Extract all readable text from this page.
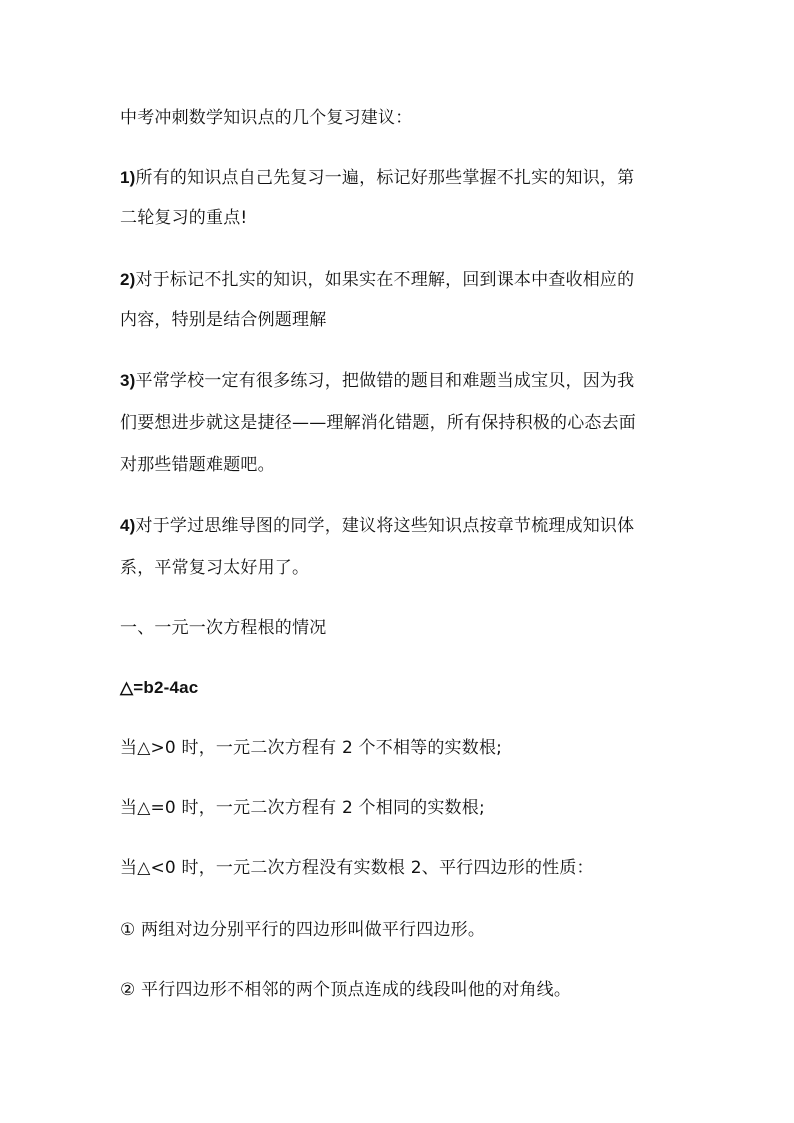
中考冲刺数学知识点的几个复习建议：
1)所有的知识点自己先复习一遍，标记好那些掌握不扎实的知识，第
二轮复习的重点!
2)对于标记不扎实的知识，如果实在不理解，回到课本中查收相应的
内容，特别是结合例题理解
3)平常学校一定有很多练习，把做错的题目和难题当成宝贝，因为我
们要想进步就这是捷径——理解消化错题，所有保持积极的心态去面
对那些错题难题吧。
4)对于学过思维导图的同学，建议将这些知识点按章节梳理成知识体
系，平常复习太好用了。
一、一元一次方程根的情况
△=b2-4ac
当△>0 时，一元二次方程有 2 个不相等的实数根;
当△=0 时，一元二次方程有 2 个相同的实数根;
当△<0 时，一元二次方程没有实数根 2、平行四边形的性质：
① 两组对边分别平行的四边形叫做平行四边形。
② 平行四边形不相邻的两个顶点连成的线段叫他的对角线。
